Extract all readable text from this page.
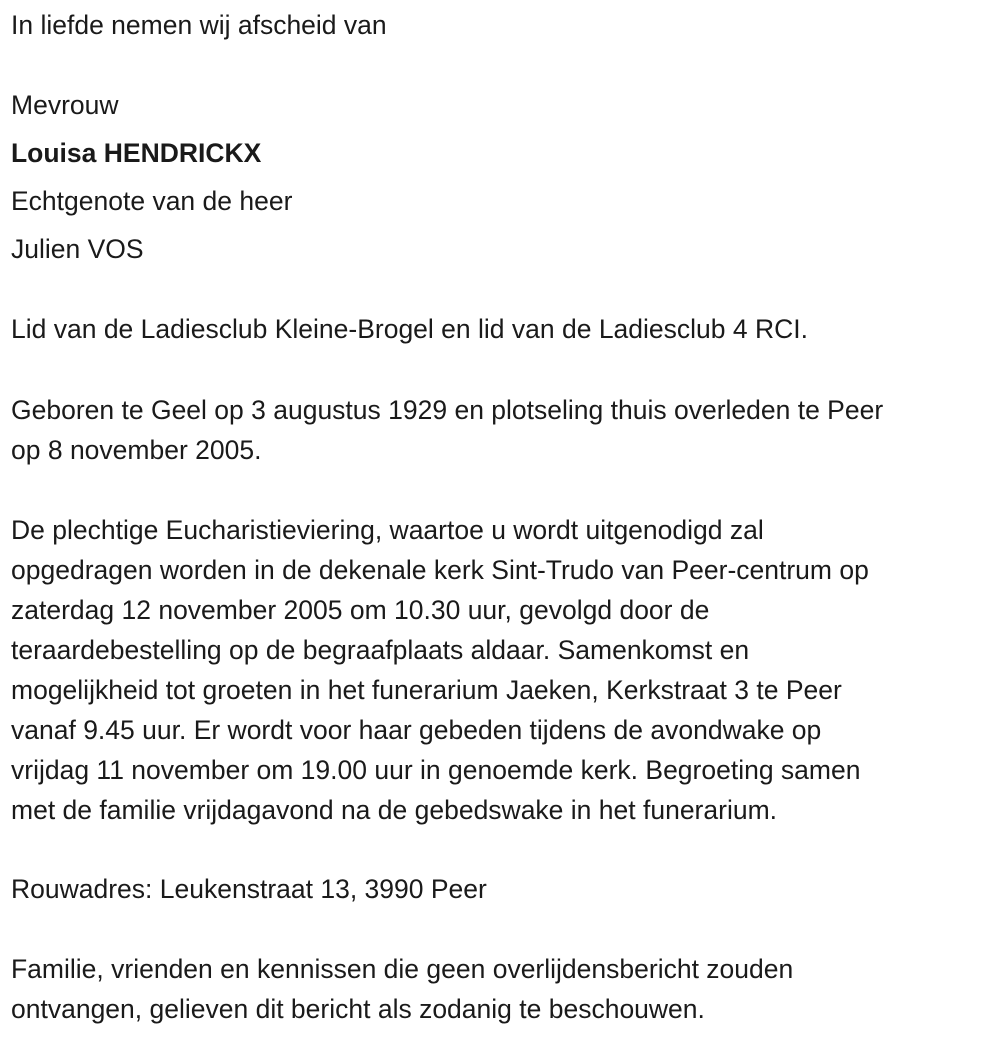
In liefde nemen wij afscheid van
Mevrouw
Louisa HENDRICKX
Echtgenote van de heer
Julien VOS
Lid van de Ladiesclub Kleine-Brogel en lid van de Ladiesclub 4 RCI.
Geboren te Geel op 3 augustus 1929 en plotseling thuis overleden te Peer
op 8 november 2005.
De plechtige Eucharistieviering, waartoe u wordt uitgenodigd zal
opgedragen worden in de dekenale kerk Sint-Trudo van Peer-centrum op
zaterdag 12 november 2005 om 10.30 uur, gevolgd door de
teraardebestelling op de begraafplaats aldaar. Samenkomst en
mogelijkheid tot groeten in het funerarium Jaeken, Kerkstraat 3 te Peer
vanaf 9.45 uur. Er wordt voor haar gebeden tijdens de avondwake op
vrijdag 11 november om 19.00 uur in genoemde kerk. Begroeting samen
met de familie vrijdagavond na de gebedswake in het funerarium.
Rouwadres: Leukenstraat 13, 3990 Peer
Familie, vrienden en kennissen die geen overlijdensbericht zouden
ontvangen, gelieven dit bericht als zodanig te beschouwen.
